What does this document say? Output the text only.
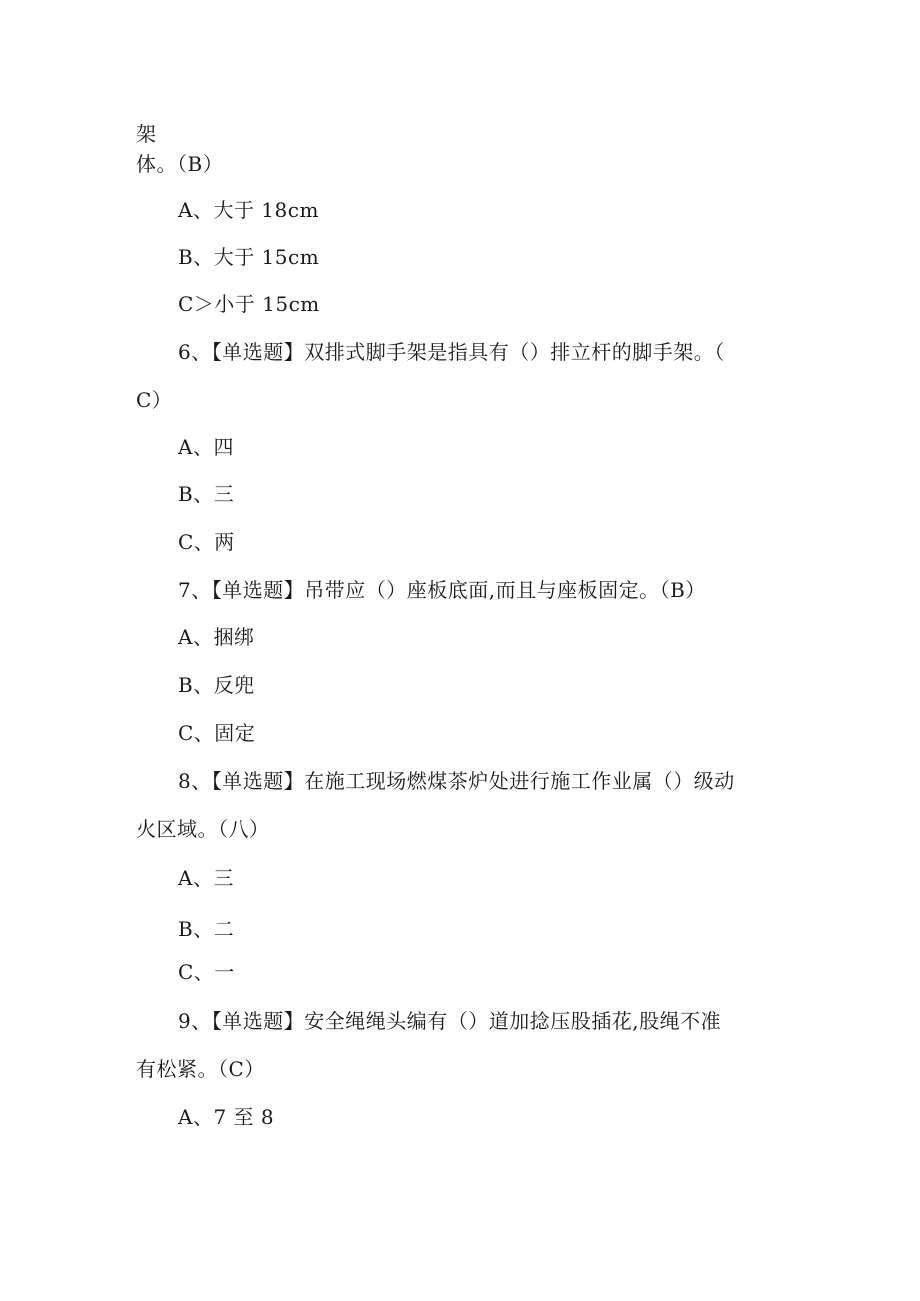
架
体。（B）
A、大于 18cm
B、大于 15cm
C＞小于 15cm
6、【单选题】双排式脚手架是指具有（）排立杆的脚手架。（
C）
A、四
B、三
C、两
7、【单选题】吊带应（）座板底面,而且与座板固定。（B）
A、捆绑
B、反兜
C、固定
8、【单选题】在施工现场燃煤茶炉处进行施工作业属（）级动
火区域。（八）
A、三
B、二
C、一
9、【单选题】安全绳绳头编有（）道加捻压股插花,股绳不准
有松紧。（C）
A、7 至 8
